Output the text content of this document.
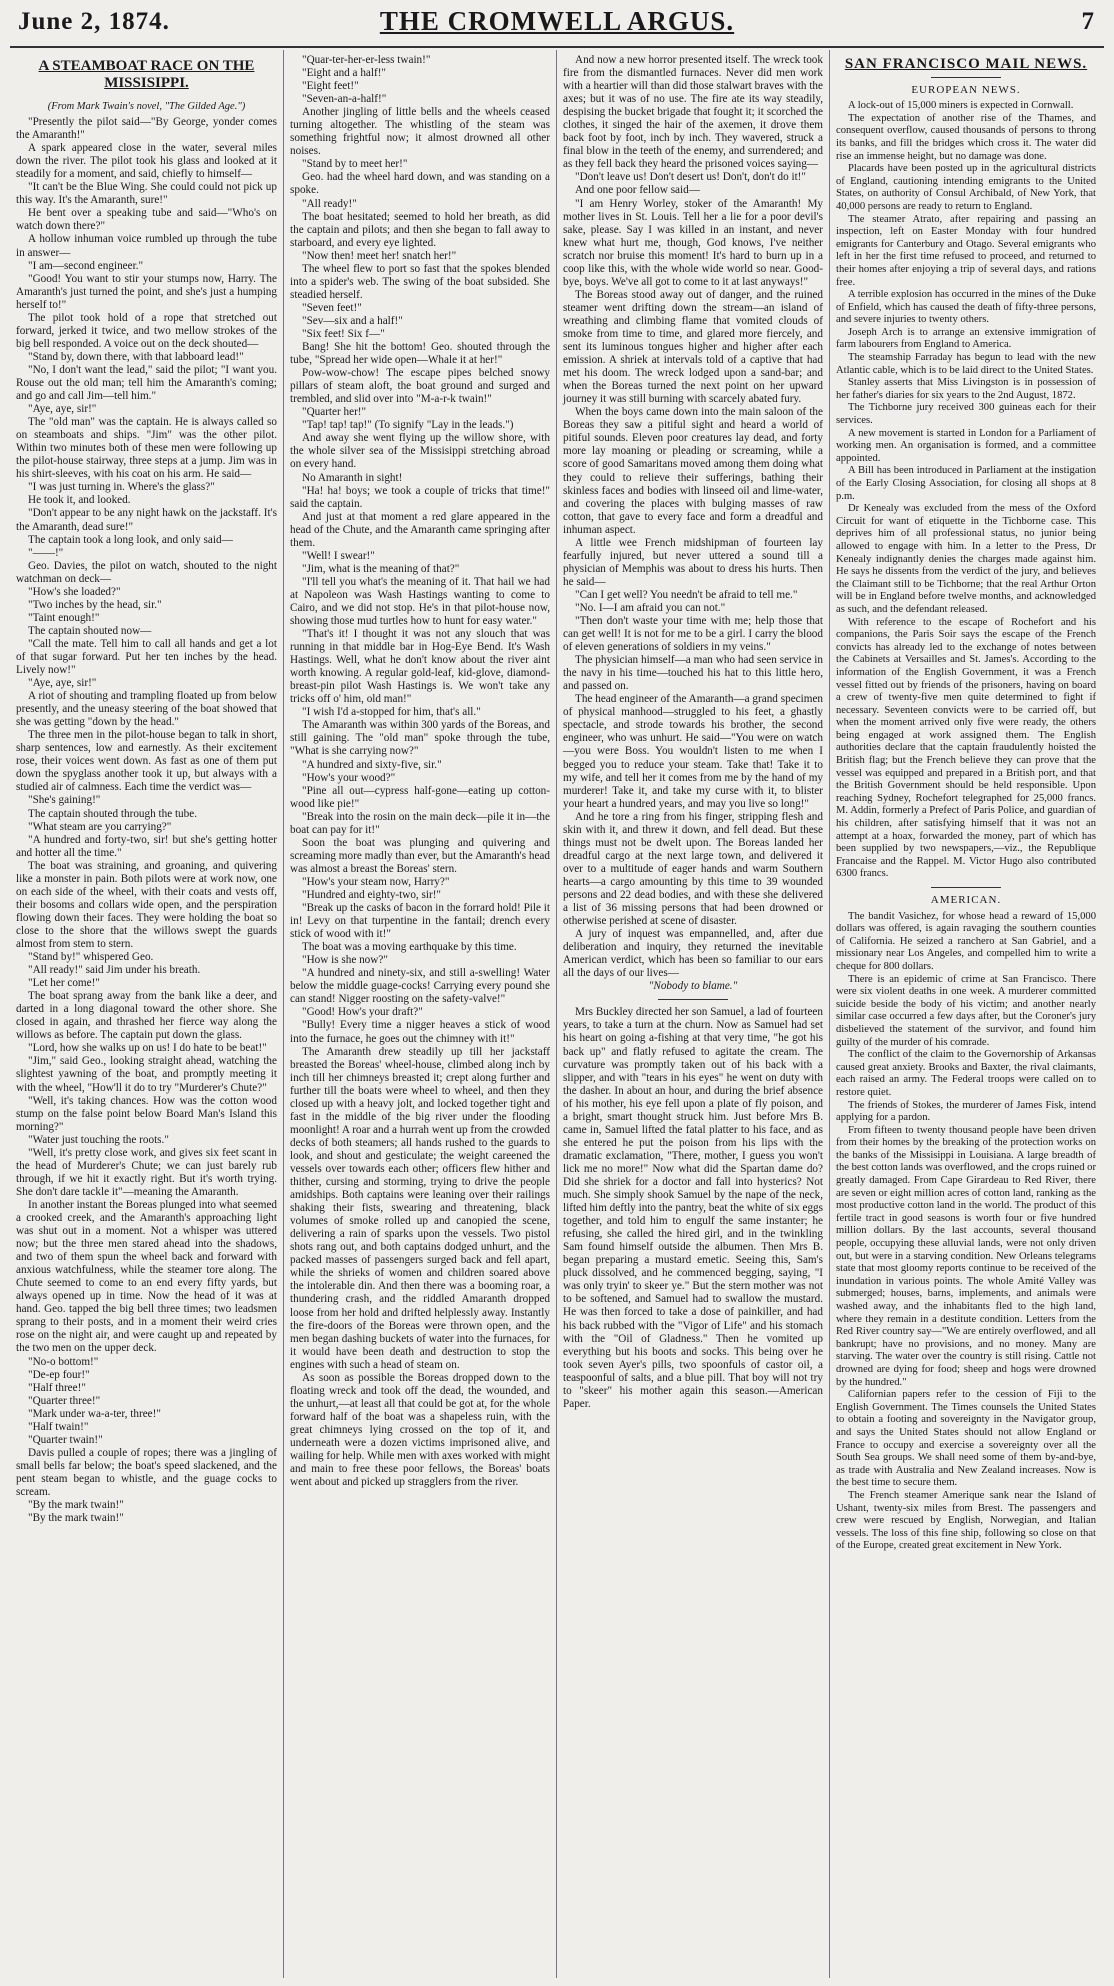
June 2, 1874.	THE CROMWELL ARGUS.	7
A STEAMBOAT RACE ON THE MISSISIPPI.
(From Mark Twain's novel, "The Gilded Age.")

"Presently the pilot said—"By George, yonder comes the Amaranth!"

A spark appeared close in the water, several miles down the river. The pilot took his glass and looked at it steadily for a moment, and said, chiefly to himself—

"It can't be the Blue Wing. She could could not pick up this way. It's the Amaranth, sure!"

He bent over a speaking tube and said—"Who's on watch down there?"

A hollow inhuman voice rumbled up through the tube in answer—

"I am—second engineer."

"Good! You want to stir your stumps now, Harry. The Amaranth's just turned the point, and she's just a humping herself to!"

The pilot took hold of a rope that stretched out forward, jerked it twice, and two mellow strokes of the big bell responded. A voice out on the deck shouted—

"Stand by, down there, with that labboard lead!"

"No, I don't want the lead," said the pilot; "I want you. Rouse out the old man; tell him the Amaranth's coming; and go and call Jim—tell him."

"Aye, aye, sir!"

The "old man" was the captain. He is always called so on steamboats and ships. "Jim" was the other pilot. Within two minutes both of these men were following up the pilot-house stairway, three steps at a jump. Jim was in his shirt-sleeves, with his coat on his arm. He said—

"I was just turning in. Where's the glass?"

He took it, and looked.

"Don't appear to be any night hawk on the jackstaff. It's the Amaranth, dead sure!"

The captain took a long look, and only said—

"——!"

Geo. Davies, the pilot on watch, shouted to the night watchman on deck—

"How's she loaded?"

"Two inches by the head, sir."

"Taint enough!"

The captain shouted now—

"Call the mate. Tell him to call all hands and get a lot of that sugar forward. Put her ten inches by the head. Lively now!"

"Aye, aye, sir!"

A riot of shouting and trampling floated up from below presently, and the uneasy steering of the boat showed that she was getting "down by the head."

The three men in the pilot-house began to talk in short, sharp sentences, low and earnestly. As their excitement rose, their voices went down. As fast as one of them put down the spyglass another took it up, but always with a studied air of calmness. Each time the verdict was—

"She's gaining!"

The captain shouted through the tube.

"What steam are you carrying?"

"A hundred and forty-two, sir! but she's getting hotter and hotter all the time."

The boat was straining, and groaning, and quivering like a monster in pain. Both pilots were at work now, one on each side of the wheel, with their coats and vests off, their bosoms and collars wide open, and the perspiration flowing down their faces. They were holding the boat so close to the shore that the willows swept the guards almost from stem to stern.

"Stand by!" whispered Geo.

"All ready!" said Jim under his breath.

"Let her come!"

The boat sprang away from the bank like a deer, and darted in a long diagonal toward the other shore. She closed in again, and thrashed her fierce way along the willows as before. The captain put down the glass.

"Lord, how she walks up on us! I do hate to be beat!"

"Jim," said Geo., looking straight ahead, watching the slightest yawning of the boat, and promptly meeting it with the wheel, "How'll it do to try "Murderer's Chute?"

"Well, it's taking chances. How was the cotton wood stump on the false point below Board Man's Island this morning?"

"Water just touching the roots."

"Well, it's pretty close work, and gives six feet scant in the head of Murderer's Chute; we can just barely rub through, if we hit it exactly right. But it's worth trying. She don't dare tackle it"—meaning the Amaranth.

In another instant the Boreas plunged into what seemed a crooked creek, and the Amaranth's approaching light was shut out in a moment. Not a whisper was uttered now; but the three men stared ahead into the shadows, and two of them spun the wheel back and forward with anxious watchfulness, while the steamer tore along. The Chute seemed to come to an end every fifty yards, but always opened up in time. Now the head of it was at hand. Geo. tapped the big bell three times; two leadsmen sprang to their posts, and in a moment their weird cries rose on the night air, and were caught up and repeated by the two men on the upper deck.

"No-o bottom!"

"De-ep four!"

"Half three!"

"Quarter three!"

"Mark under wa-a-ter, three!"

"Half twain!"

"Quarter twain!"

Davis pulled a couple of ropes; there was a jingling of small bells far below; the boat's speed slackened, and the pent steam began to whistle, and the guage cocks to scream.

"By the mark twain!"

"By the mark twain!"

"Quar-ter-her-er-less twain!"

"Eight and a half!"

"Eight feet!"

"Seven-an-a-half!"

Another jingling of little bells and the wheels ceased turning altogether. The whistling of the steam was something frightful now; it almost drowned all other noises.

"Stand by to meet her!"

Geo. had the wheel hard down, and was standing on a spoke.

"All ready!"

The boat hesitated; seemed to hold her breath, as did the captain and pilots; and then she began to fall away to starboard, and every eye lighted.

"Now then! meet her! snatch her!"

The wheel flew to port so fast that the spokes blended into a spider's web. The swing of the boat subsided. She steadied herself.

"Seven feet!"

"Sev—six and a half!"

"Six feet! Six f—"

Bang! She hit the bottom! Geo. shouted through the tube, "Spread her wide open—Whale it at her!"

Pow-wow-chow! The escape pipes belched snowy pillars of steam aloft, the boat ground and surged and trembled, and slid over into "M-a-r-k twain!"

"Quarter her!"

"Tap! tap! tap!" (To signify "Lay in the leads.")

And away she went flying up the willow shore, with the whole silver sea of the Missisippi stretching abroad on every hand.

No Amaranth in sight!

"Ha! ha! boys; we took a couple of tricks that time!" said the captain.

And just at that moment a red glare appeared in the head of the Chute, and the Amaranth came springing after them.

"Well! I swear!"

"Jim, what is the meaning of that?"

"I'll tell you what's the meaning of it. That hail we had at Napoleon was Wash Hastings wanting to come to Cairo, and we did not stop. He's in that pilot-house now, showing those mud turtles how to hunt for easy water."

"That's it! I thought it was not any slouch that was running in that middle bar in Hog-Eye Bend. It's Wash Hastings. Well, what he don't know about the river aint worth knowing. A regular gold-leaf, kid-glove, diamond-breast-pin pilot Wash Hastings is. We won't take any tricks off o' him, old man!"

"I wish I'd a-stopped for him, that's all."

The Amaranth was within 300 yards of the Boreas, and still gaining. The "old man" spoke through the tube, "What is she carrying now?"

"A hundred and sixty-five, sir."

"How's your wood?"

"Pine all out—cypress half-gone—eating up cotton-wood like pie!"

"Break into the rosin on the main deck—pile it in—the boat can pay for it!"

Soon the boat was plunging and quivering and screaming more madly than ever, but the Amaranth's head was almost a breast the Boreas' stern.

"How's your steam now, Harry?"

"Hundred and eighty-two, sir!"

"Break up the casks of bacon in the forrard hold! Pile it in! Levy on that turpentine in the fantail; drench every stick of wood with it!"

The boat was a moving earthquake by this time.

"How is she now?"

"A hundred and ninety-six, and still a-swelling! Water below the middle guage-cocks! Carrying every pound she can stand! Nigger roosting on the safety-valve!"

"Good! How's your draft?"

"Bully! Every time a nigger heaves a stick of wood into the furnace, he goes out the chimney with it!"

The Amaranth drew steadily up till her jackstaff breasted the Boreas' wheel-house, climbed along inch by inch till her chimneys breasted it; crept along further and further till the boats were wheel to wheel, and then they closed up with a heavy jolt, and locked together tight and fast in the middle of the big river under the flooding moonlight! A roar and a hurrah went up from the crowded decks of both steamers; all hands rushed to the guards to look, and shout and gesticulate; the weight careened the vessels over towards each other; officers flew hither and thither, cursing and storming, trying to drive the people amidships. Both captains were leaning over their railings shaking their fists, swearing and threatening, black volumes of smoke rolled up and canopied the scene, delivering a rain of sparks upon the vessels. Two pistol shots rang out, and both captains dodged unhurt, and the packed masses of passengers surged back and fell apart, while the shrieks of women and children soared above the intolerable din. And then there was a booming roar, a thundering crash, and the riddled Amaranth dropped loose from her hold and drifted helplessly away. Instantly the fire-doors of the Boreas were thrown open, and the men began dashing buckets of water into the furnaces, for it would have been death and destruction to stop the engines with such a head of steam on.

As soon as possible the Boreas dropped down to the floating wreck and took off the dead, the wounded, and the unhurt,—at least all that could be got at, for the whole forward half of the boat was a shapeless ruin, with the great chimneys lying crossed on the top of it, and underneath were a dozen victims imprisoned alive, and wailing for help. While men with axes worked with might and main to free these poor fellows, the Boreas' boats went about and picked up stragglers from the river.

And now a new horror presented itself. The wreck took fire from the dismantled furnaces. Never did men work with a heartier will than did those stalwart braves with the axes; but it was of no use. The fire ate its way steadily, despising the bucket brigade that fought it; it scorched the clothes, it singed the hair of the axemen, it drove them back foot by foot, inch by inch. They wavered, struck a final blow in the teeth of the enemy, and surrendered; and as they fell back they heard the prisoned voices saying—

"Don't leave us! Don't desert us! Don't, don't do it!"

And one poor fellow said—

"I am Henry Worley, stoker of the Amaranth! My mother lives in St. Louis. Tell her a lie for a poor devil's sake, please. Say I was killed in an instant, and never knew what hurt me, though, God knows, I've neither scratch nor bruise this moment! It's hard to burn up in a coop like this, with the whole wide world so near. Good-bye, boys. We've all got to come to it at last anyways!"

The Boreas stood away out of danger, and the ruined steamer went drifting down the stream—an island of wreathing and climbing flame that vomited clouds of smoke from time to time, and glared more fiercely, and sent its luminous tongues higher and higher after each emission. A shriek at intervals told of a captive that had met his doom. The wreck lodged upon a sand-bar; and when the Boreas turned the next point on her upward journey it was still burning with scarcely abated fury.

When the boys came down into the main saloon of the Boreas they saw a pitiful sight and heard a world of pitiful sounds. Eleven poor creatures lay dead, and forty more lay moaning or pleading or screaming, while a score of good Samaritans moved among them doing what they could to relieve their sufferings, bathing their skinless faces and bodies with linseed oil and lime-water, and covering the places with bulging masses of raw cotton, that gave to every face and form a dreadful and inhuman aspect.

A little wee French midshipman of fourteen lay fearfully injured, but never uttered a sound till a physician of Memphis was about to dress his hurts. Then he said—

"Can I get well? You needn't be afraid to tell me."

"No. I—I am afraid you can not."

"Then don't waste your time with me; help those that can get well! It is not for me to be a girl. I carry the blood of eleven generations of soldiers in my veins."

The physician himself—a man who had seen service in the navy in his time—touched his hat to this little hero, and passed on.

The head engineer of the Amaranth—a grand specimen of physical manhood—struggled to his feet, a ghastly spectacle, and strode towards his brother, the second engineer, who was unhurt. He said—"You were on watch—you were Boss. You wouldn't listen to me when I begged you to reduce your steam. Take that! Take it to my wife, and tell her it comes from me by the hand of my murderer! Take it, and take my curse with it, to blister your heart a hundred years, and may you live so long!"

And he tore a ring from his finger, stripping flesh and skin with it, and threw it down, and fell dead. But these things must not be dwelt upon. The Boreas landed her dreadful cargo at the next large town, and delivered it over to a multitude of eager hands and warm Southern hearts—a cargo amounting by this time to 39 wounded persons and 22 dead bodies, and with these she delivered a list of 36 missing persons that had been drowned or otherwise perished at scene of disaster.

A jury of inquest was empannelled, and, after due deliberation and inquiry, they returned the inevitable American verdict, which has been so familiar to our ears all the days of our lives—

"Nobody to blame."

Mrs Buckley directed her son Samuel, a lad of fourteen years, to take a turn at the churn. Now as Samuel had set his heart on going a-fishing at that very time, "he got his back up" and flatly refused to agitate the cream. The curvature was promptly taken out of his back with a slipper, and with "tears in his eyes" he went on duty with the dasher. In about an hour, and during the brief absence of his mother, his eye fell upon a plate of fly poison, and a bright, smart thought struck him. Just before Mrs B. came in, Samuel lifted the fatal platter to his face, and as she entered he put the poison from his lips with the dramatic exclamation, "There, mother, I guess you won't lick me no more!" Now what did the Spartan dame do? Did she shriek for a doctor and fall into hysterics? Not much. She simply shook Samuel by the nape of the neck, lifted him deftly into the pantry, beat the white of six eggs together, and told him to engulf the same instanter; he refusing, she called the hired girl, and in the twinkling Sam found himself outside the albumen. Then Mrs B. began preparing a mustard emetic. Seeing this, Sam's pluck dissolved, and he commenced begging, saying, "I was only tryin' to skeer ye." But the stern mother was not to be softened, and Samuel had to swallow the mustard. He was then forced to take a dose of painkiller, and had his back rubbed with the "Vigor of Life" and his stomach with the "Oil of Gladness." Then he vomited up everything but his boots and socks. This being over he took seven Ayer's pills, two spoonfuls of castor oil, a teaspoonful of salts, and a blue pill. That boy will not try to "skeer" his mother again this season.—American Paper.

SAN FRANCISCO MAIL NEWS.
EUROPEAN NEWS.

A lock-out of 15,000 miners is expected in Cornwall.

The expectation of another rise of the Thames, and consequent overflow, caused thousands of persons to throng its banks, and fill the bridges which cross it. The water did rise an immense height, but no damage was done.

Placards have been posted up in the agricultural districts of England, cautioning intending emigrants to the United States, on authority of Consul Archibald, of New York, that 40,000 persons are ready to return to England.

The steamer Atrato, after repairing and passing an inspection, left on Easter Monday with four hundred emigrants for Canterbury and Otago. Several emigrants who left in her the first time refused to proceed, and returned to their homes after enjoying a trip of several days, and rations free.

A terrible explosion has occurred in the mines of the Duke of Enfield, which has caused the death of fifty-three persons, and severe injuries to twenty others.

Joseph Arch is to arrange an extensive immigration of farm labourers from England to America.

The steamship Farraday has begun to lead with the new Atlantic cable, which is to be laid direct to the United States.

Stanley asserts that Miss Livingston is in possession of her father's diaries for six years to the 2nd August, 1872.

The Tichborne jury received 300 guineas each for their services.

A new movement is started in London for a Parliament of working men. An organisation is formed, and a committee appointed.

A Bill has been introduced in Parliament at the instigation of the Early Closing Association, for closing all shops at 8 p.m.

Dr Kenealy was excluded from the mess of the Oxford Circuit for want of etiquette in the Tichborne case. This deprives him of all professional status, no junior being allowed to engage with him. In a letter to the Press, Dr Kenealy indignantly denies the charges made against him. He says he dissents from the verdict of the jury, and believes the Claimant still to be Tichborne; that the real Arthur Orton will be in England before twelve months, and acknowledged as such, and the defendant released.

With reference to the escape of Rochefort and his companions, the Paris Soir says the escape of the French convicts has already led to the exchange of notes between the Cabinets at Versailles and St. James's. According to the information of the English Government, it was a French vessel fitted out by friends of the prisoners, having on board a crew of twenty-five men quite determined to fight if necessary. Seventeen convicts were to be carried off, but when the moment arrived only five were ready, the others being engaged at work assigned them. The English authorities declare that the captain fraudulently hoisted the British flag; but the French believe they can prove that the vessel was equipped and prepared in a British port, and that the British Government should be held responsible. Upon reaching Sydney, Rochefort telegraphed for 25,000 francs. M. Addin, formerly a Prefect of Paris Police, and guardian of his children, after satisfying himself that it was not an attempt at a hoax, forwarded the money, part of which has been supplied by two newspapers,—viz., the Republique Francaise and the Rappel. M. Victor Hugo also contributed 6300 francs.

AMERICAN.

The bandit Vasichez, for whose head a reward of 15,000 dollars was offered, is again ravaging the southern counties of California. He seized a ranchero at San Gabriel, and a missionary near Los Angeles, and compelled him to write a cheque for 800 dollars.

There is an epidemic of crime at San Francisco. There were six violent deaths in one week. A murderer committed suicide beside the body of his victim; and another nearly similar case occurred a few days after, but the Coroner's jury disbelieved the statement of the survivor, and found him guilty of the murder of his comrade.

The conflict of the claim to the Governorship of Arkansas caused great anxiety. Brooks and Baxter, the rival claimants, each raised an army. The Federal troops were called on to restore quiet.

The friends of Stokes, the murderer of James Fisk, intend applying for a pardon.

From fifteen to twenty thousand people have been driven from their homes by the breaking of the protection works on the banks of the Missisippi in Louisiana. A large breadth of the best cotton lands was overflowed, and the crops ruined or greatly damaged. From Cape Girardeau to Red River, there are seven or eight million acres of cotton land, ranking as the most productive cotton land in the world. The product of this fertile tract in good seasons is worth four or five hundred million dollars. By the last accounts, several thousand people, occupying these alluvial lands, were not only driven out, but were in a starving condition. New Orleans telegrams state that most gloomy reports continue to be received of the inundation in various points. The whole Amité Valley was submerged; houses, barns, implements, and animals were washed away, and the inhabitants fled to the high land, where they remain in a destitute condition. Letters from the Red River country say—"We are entirely overflowed, and all bankrupt; have no provisions, and no money. Many are starving. The water over the country is still rising. Cattle not drowned are dying for food; sheep and hogs were drowned by the hundred."

Californian papers refer to the cession of Fiji to the English Government. The Times counsels the United States to obtain a footing and sovereignty in the Navigator group, and says the United States should not allow England or France to occupy and exercise a sovereignty over all the South Sea groups. We shall need some of them by-and-bye, as trade with Australia and New Zealand increases. Now is the best time to secure them.

The French steamer Amerique sank near the Island of Ushant, twenty-six miles from Brest. The passengers and crew were rescued by English, Norwegian, and Italian vessels. The loss of this fine ship, following so close on that of the Europe, created great excitement in New York.
